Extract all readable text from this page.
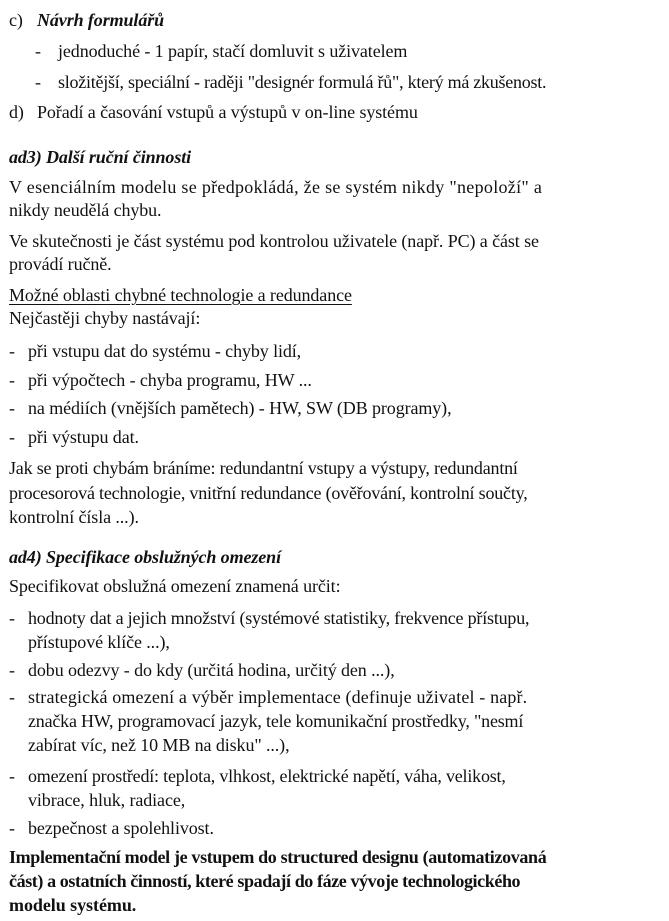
c) Návrh formulářů
- jednoduché - 1 papír, stačí domluvit s uživatelem
- složitější, speciální - raději "designér formulá řů", který má zkušenost.
d) Pořadí a časování vstupů a výstupů v on-line systému
ad3) Další ruční činnosti
V esenciálním modelu se předpokládá, že se systém nikdy "nepoloží" a
nikdy neudělá chybu.
Ve skutečnosti je část systému pod kontrolou uživatele (např. PC) a část se
provádí ručně.
Možné oblasti chybné technologie a redundance
Nejčastěji chyby nastávají:
- při vstupu dat do systému - chyby lidí,
- při výpočtech - chyba programu, HW ...
- na médiích (vnějších pamětech) - HW, SW (DB programy),
- při výstupu dat.
Jak se proti chybám bráníme: redundantní vstupy a výstupy, redundantní
procesorová technologie, vnitřní redundance (ověřování, kontrolní součty,
kontrolní čísla ...).
ad4) Specifikace obslužných omezení
Specifikovat obslužná omezení znamená určit:
- hodnoty dat a jejich množství (systémové statistiky, frekvence přístupu,
přístupové klíče ...),
- dobu odezvy - do kdy (určitá hodina, určitý den ...),
- strategická omezení a výběr implementace (definuje uživatel - např.
značka HW, programovací jazyk, tele komunikační prostředky, "nesmí
zabírat víc, než 10 MB na disku" ...),
- omezení prostředí: teplota, vlhkost, elektrické napětí, váha, velikost,
vibrace, hluk, radiace,
- bezpečnost a spolehlivost.
Implementační model je vstupem do structured designu (automatizovaná
část) a ostatních činností, které spadají do fáze vývoje technologického
modelu systému.
